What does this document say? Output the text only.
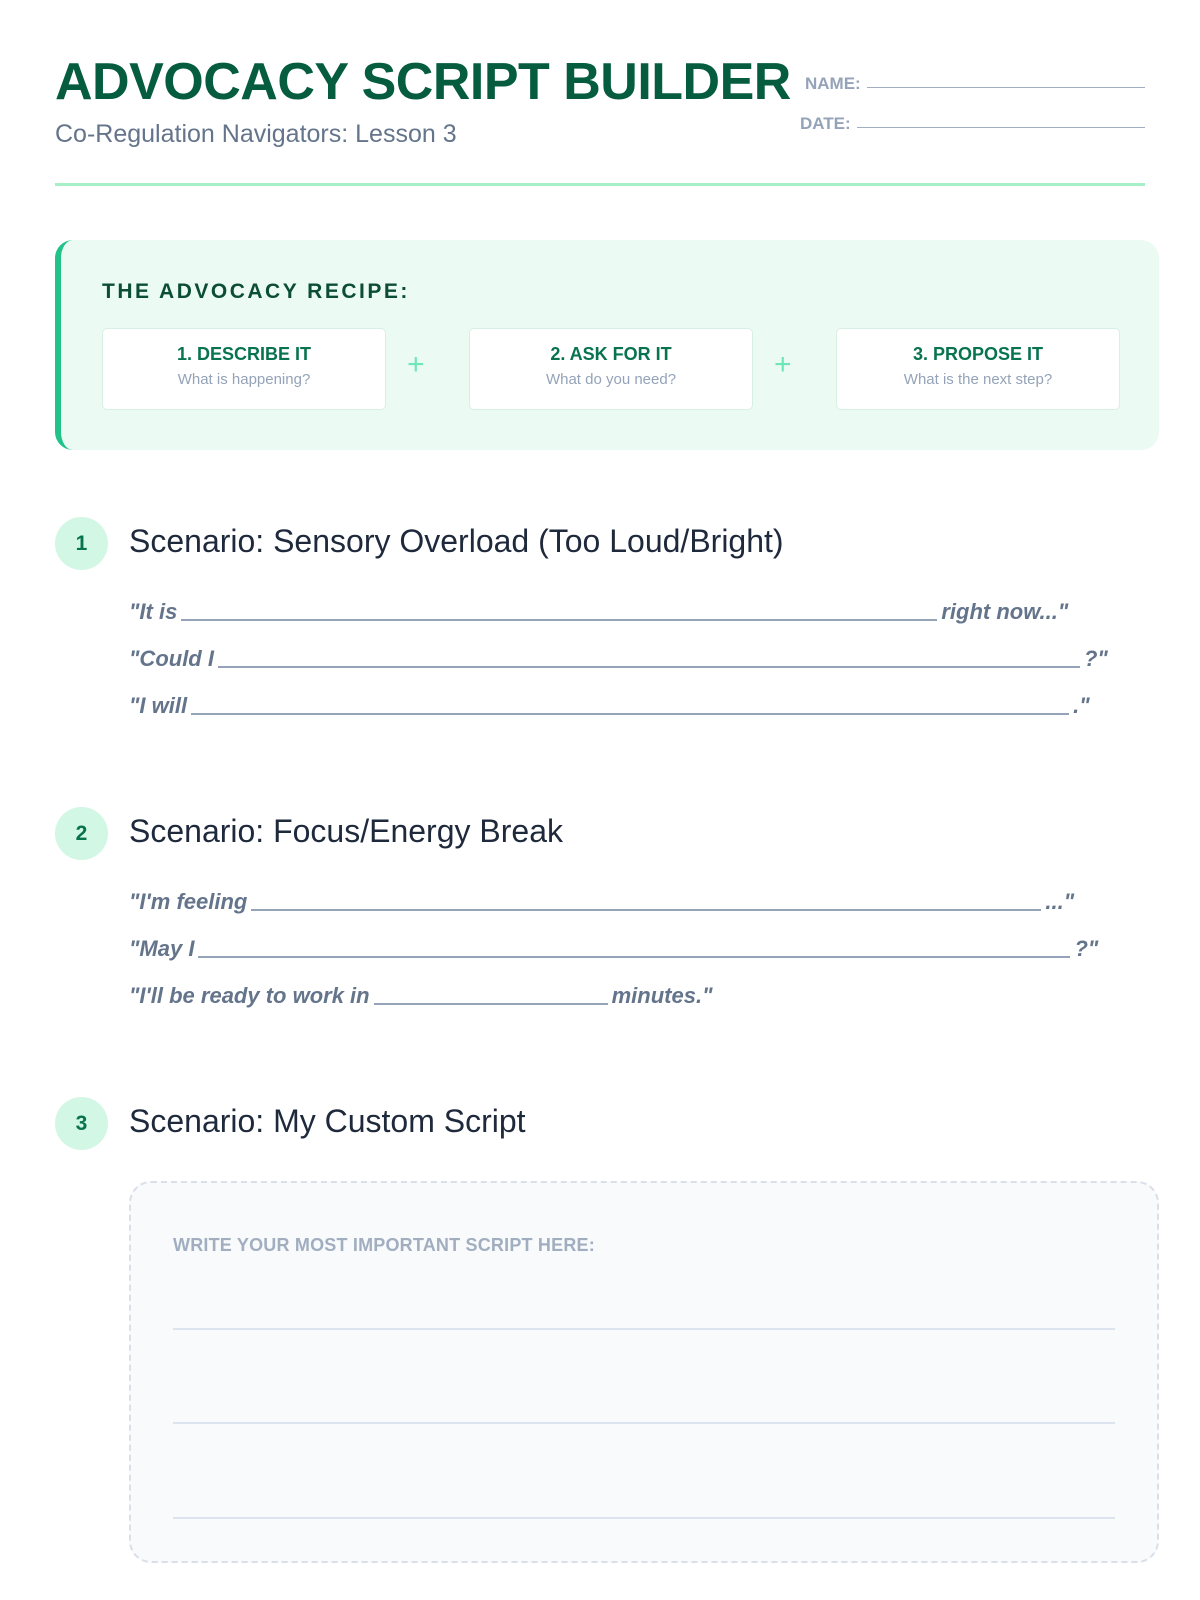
ADVOCACY SCRIPT BUILDER
Co-Regulation Navigators: Lesson 3
NAME:
DATE:
THE ADVOCACY RECIPE:
1. DESCRIBE IT
What is happening?	+	2. ASK FOR IT
What do you need?	+	3. PROPOSE IT
What is the next step?
1	Scenario: Sensory Overload (Too Loud/Bright)
"It is	right now..."
"Could I	?"
"I will	."
2	Scenario: Focus/Energy Break
"I'm feeling	..."
"May I	?"
"I'll be ready to work in	minutes."
3	Scenario: My Custom Script
WRITE YOUR MOST IMPORTANT SCRIPT HERE:
